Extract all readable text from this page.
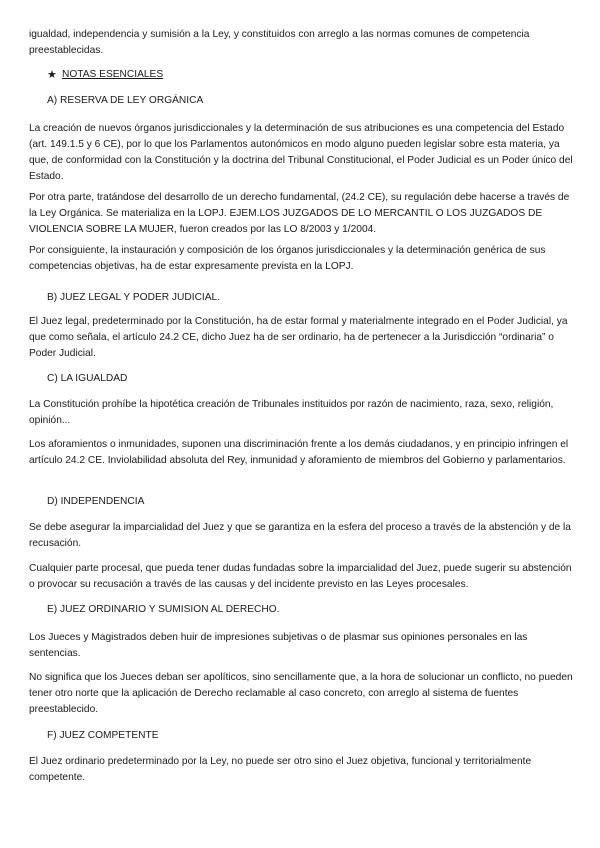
igualdad, independencia y sumisión a la Ley, y constituidos con arreglo a las normas comunes de competencia preestablecidas.

★ NOTAS ESENCIALES

A) RESERVA DE LEY ORGÁNICA

La creación de nuevos órganos jurisdiccionales y la determinación de sus atribuciones es una competencia del Estado (art. 149.1.5 y 6 CE), por lo que los Parlamentos autonómicos en modo alguno pueden legislar sobre esta materia, ya que, de conformidad con la Constitución y la doctrina del Tribunal Constitucional, el Poder Judicial es un Poder único del Estado.

Por otra parte, tratándose del desarrollo de un derecho fundamental, (24.2 CE), su regulación debe hacerse a través de la Ley Orgánica. Se materializa en la LOPJ. EJEM.LOS JUZGADOS DE LO MERCANTIL O LOS JUZGADOS DE VIOLENCIA SOBRE LA MUJER, fueron creados por las LO 8/2003 y 1/2004.

Por consiguiente, la instauración y composición de los órganos jurisdiccionales y la determinación genérica de sus competencias objetivas, ha de estar expresamente prevista en la LOPJ.

B) JUEZ LEGAL Y PODER JUDICIAL.

El Juez legal, predeterminado por la Constitución, ha de estar formal y materialmente integrado en el Poder Judicial, ya que como señala, el artículo 24.2 CE, dicho Juez ha de ser ordinario, ha de pertenecer a la Jurisdicción “ordinaria” o Poder Judicial.

C) LA IGUALDAD

La Constitución prohíbe la hipotética creación de Tribunales instituidos por razón de nacimiento, raza, sexo, religión, opinión...

Los aforamientos o inmunidades, suponen una discriminación frente a los demás ciudadanos, y en principio infringen el artículo 24.2 CE. Inviolabilidad absoluta del Rey, inmunidad y aforamiento de miembros del Gobierno y parlamentarios.

D) INDEPENDENCIA

Se debe asegurar la imparcialidad del Juez y que se garantiza en la esfera del proceso a través de la abstención y de la recusación.

Cualquier parte procesal, que pueda tener dudas fundadas sobre la imparcialidad del Juez, puede sugerir su abstención o provocar su recusación a través de las causas y del incidente previsto en las Leyes procesales.

E) JUEZ ORDINARIO Y SUMISION AL DERECHO.

Los Jueces y Magistrados deben huir de impresiones subjetivas o de plasmar sus opiniones personales en las sentencias.

No significa que los Jueces deban ser apolíticos, sino sencillamente que, a la hora de solucionar un conflicto, no pueden tener otro norte que la aplicación de Derecho reclamable al caso concreto, con arreglo al sistema de fuentes preestablecido.

F) JUEZ COMPETENTE

El Juez ordinario predeterminado por la Ley, no puede ser otro sino el Juez objetiva, funcional y territorialmente competente.
